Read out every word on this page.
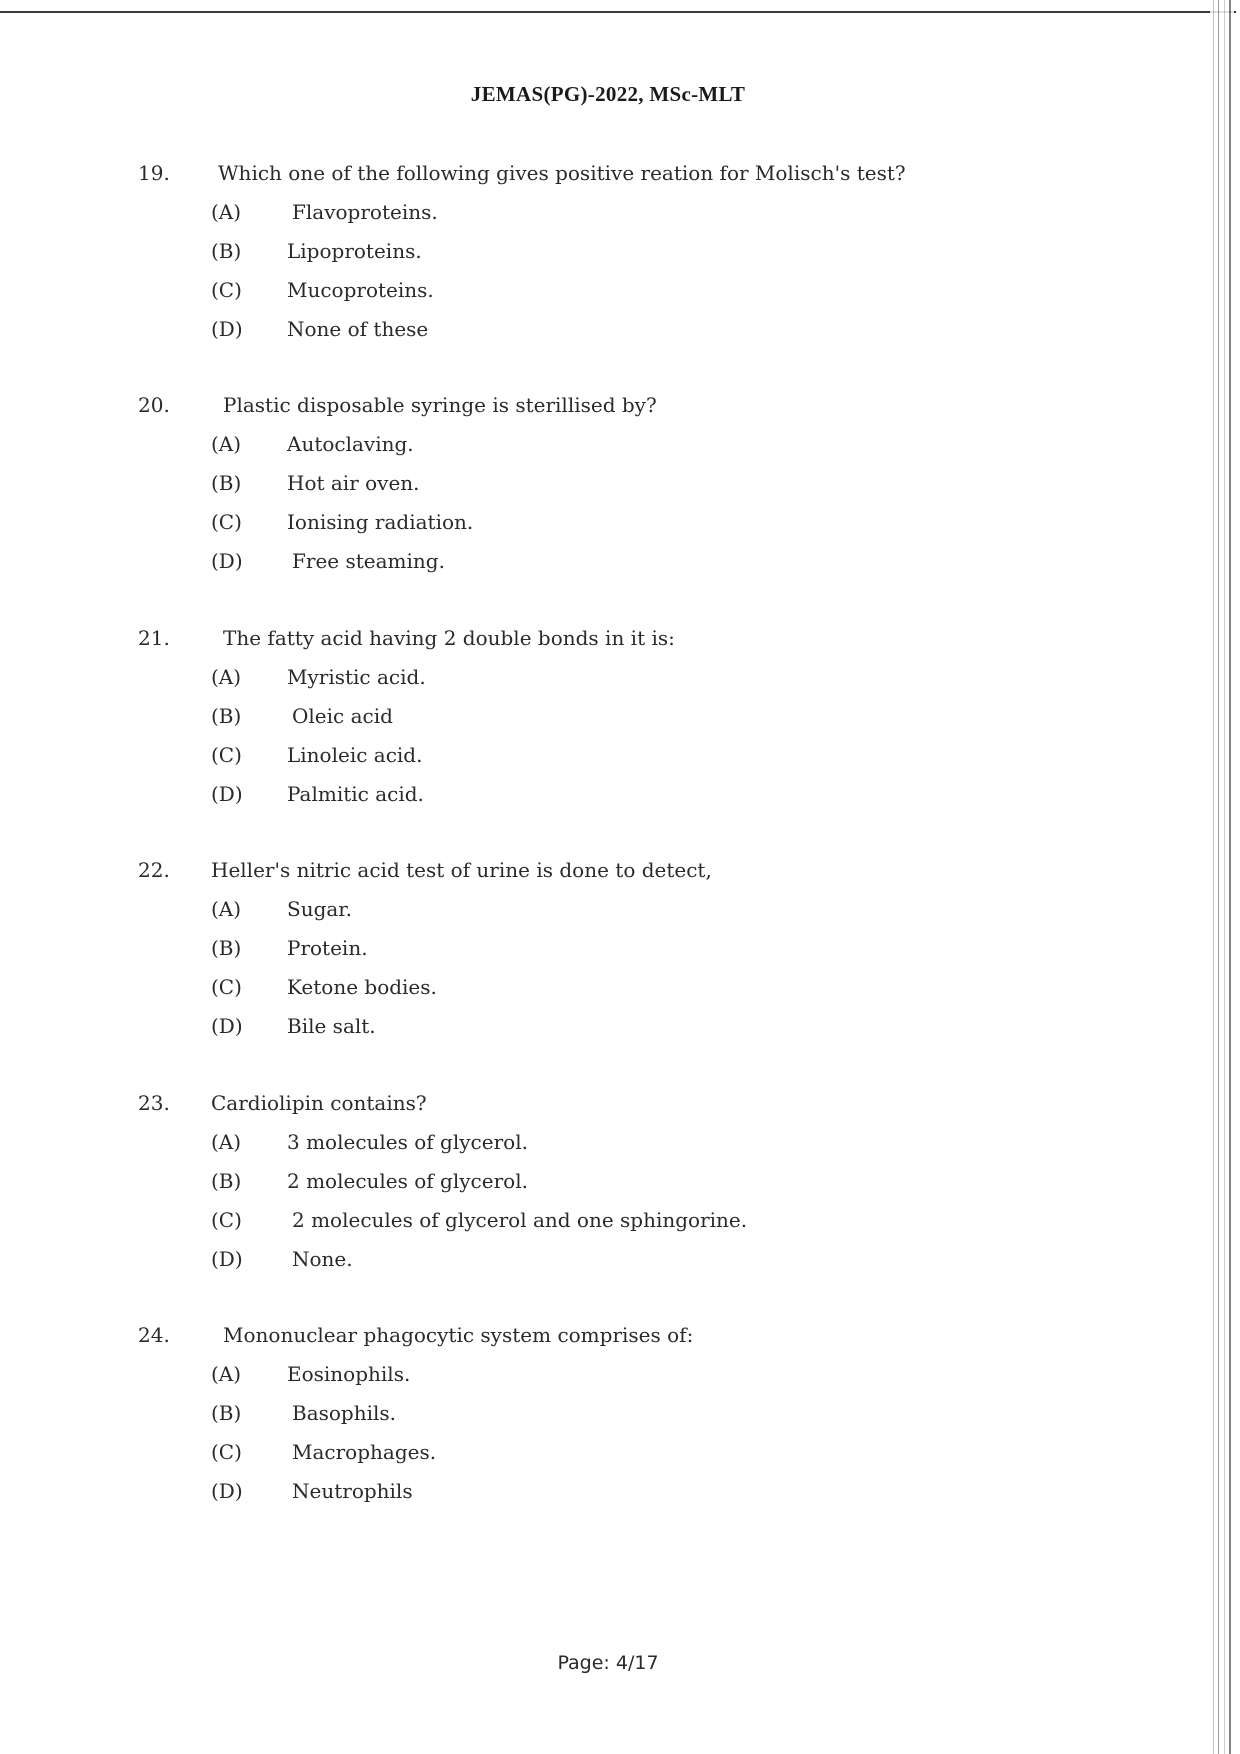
JEMAS(PG)-2022, MSc-MLT
19. Which one of the following gives positive reation for Molisch's test?
(A)	Flavoproteins.
(B) Lipoproteins.
(C) Mucoproteins.
(D) None of these
20.	Plastic disposable syringe is sterillised by?
(A) Autoclaving.
(B) Hot air oven.
(C) Ionising radiation.
(D) Free steaming.
21.	The fatty acid having 2 double bonds in it is:
(A) Myristic acid.
(B)	Oleic acid
(C) Linoleic acid.
(D) Palmitic acid.
22. Heller's nitric acid test of urine is done to detect,
(A) Sugar.
(B) Protein.
(C) Ketone bodies.
(D) Bile salt.
23. Cardiolipin contains?
(A) 3 molecules of glycerol.
(B) 2 molecules of glycerol.
(C)	2 molecules of glycerol and one sphingorine.
(D) None.
24.	Mononuclear phagocytic system comprises of:
(A) Eosinophils.
(B)	Basophils.
(C)	Macrophages.
(D) Neutrophils
Page: 4/17
